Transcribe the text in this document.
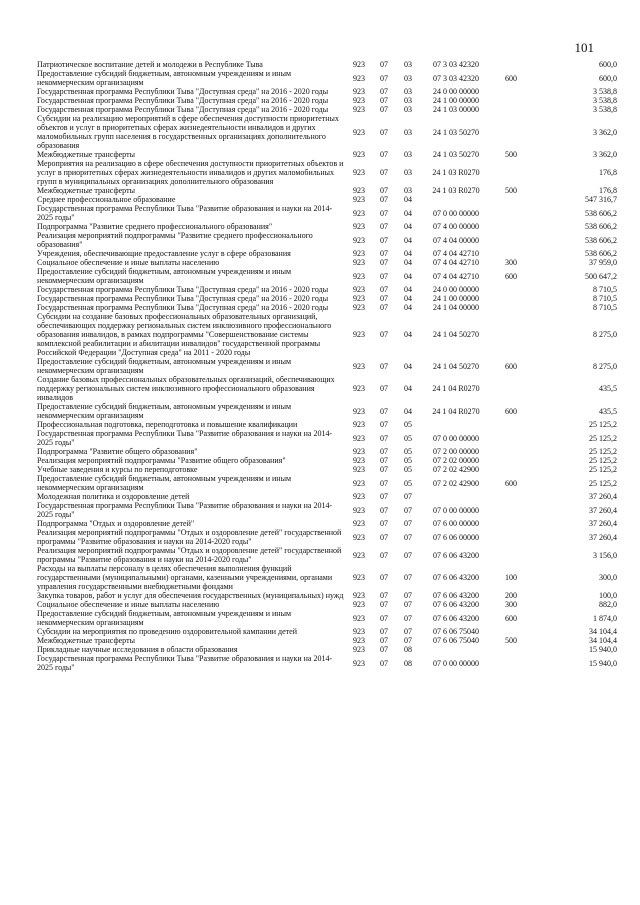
101
Патриотическое воспитание детей и молодежи в Республике Тыва	923	07	03	07 3 03 42320		600,0
Предоставление субсидий бюджетным, автономным учреждениям и иным некоммерческим организациям	923	07	03	07 3 03 42320	600	600,0
Государственная программа Республики Тыва "Доступная среда" на 2016 - 2020 годы	923	07	03	24 0 00 00000		3 538,8
Государственная программа Республики Тыва "Доступная среда" на 2016 - 2020 годы	923	07	03	24 1 00 00000		3 538,8
Государственная программа Республики Тыва "Доступная среда" на 2016 - 2020 годы	923	07	03	24 1 03 00000		3 538,8
Субсидии на реализацию мероприятий в сфере обеспечения доступности приоритетных объектов и услуг в приоритетных сферах жизнедеятельности инвалидов и других маломобильных групп населения в государственных организациях дополнительного образования	923	07	03	24 1 03 50270		3 362,0
Межбюджетные трансферты	923	07	03	24 1 03 50270	500	3 362,0
Мероприятия на реализацию в сфере обеспечения доступности приоритетных объектов и услуг в приоритетных сферах жизнедеятельности инвалидов и других маломобильных групп в муниципальных организациях дополнительного образования	923	07	03	24 1 03 R0270		176,8
Межбюджетные трансферты	923	07	03	24 1 03 R0270	500	176,8
Среднее профессиональное образование	923	07	04			547 316,7
Государственная программа Республики Тыва "Развитие образования и науки на 2014-2025 годы"	923	07	04	07 0 00 00000		538 606,2
Подпрограмма "Развитие среднего профессионального образования"	923	07	04	07 4 00 00000		538 606,2
Реализация мероприятий подпрограммы "Развитие среднего профессионального образования"	923	07	04	07 4 04 00000		538 606,2
Учреждения, обеспечивающие предоставление услуг в сфере образования	923	07	04	07 4 04 42710		538 606,2
Социальное обеспечение и иные выплаты населению	923	07	04	07 4 04 42710	300	37 959,0
Предоставление субсидий бюджетным, автономным учреждениям и иным некоммерческим организациям	923	07	04	07 4 04 42710	600	500 647,2
Государственная программа Республики Тыва "Доступная среда" на 2016 - 2020 годы	923	07	04	24 0 00 00000		8 710,5
Государственная программа Республики Тыва "Доступная среда" на 2016 - 2020 годы	923	07	04	24 1 00 00000		8 710,5
Государственная программа Республики Тыва "Доступная среда" на 2016 - 2020 годы	923	07	04	24 1 04 00000		8 710,5
Субсидии на создание базовых профессиональных образовательных организаций, обеспечивающих поддержку региональных систем инклюзивного профессионального образования инвалидов, в рамках подпрограммы "Совершенствование системы комплексной реабилитации и абилитации инвалидов" государственной программы Российской Федерации "Доступная среда" на 2011 - 2020 годы	923	07	04	24 1 04 50270		8 275,0
Предоставление субсидий бюджетным, автономным учреждениям и иным некоммерческим организациям	923	07	04	24 1 04 50270	600	8 275,0
Создание базовых профессиональных образовательных организаций, обеспечивающих поддержку региональных систем инклюзивного профессионального образования инвалидов	923	07	04	24 1 04 R0270		435,5
Предоставление субсидий бюджетным, автономным учреждениям и иным некоммерческим организациям	923	07	04	24 1 04 R0270	600	435,5
Профессиональная подготовка, переподготовка и повышение квалификации	923	07	05			25 125,2
Государственная программа Республики Тыва "Развитие образования и науки на 2014-2025 годы"	923	07	05	07 0 00 00000		25 125,2
Подпрограмма "Развитие общего образования"	923	07	05	07 2 00 00000		25 125,2
Реализация мероприятий подпрограммы "Развитие общего образования"	923	07	05	07 2 02 00000		25 125,2
Учебные заведения и курсы по переподготовке	923	07	05	07 2 02 42900		25 125,2
Предоставление субсидий бюджетным, автономным учреждениям и иным некоммерческим организациям	923	07	05	07 2 02 42900	600	25 125,2
Молодежная политика и оздоровление детей	923	07	07			37 260,4
Государственная программа Республики Тыва "Развитие образования и науки на 2014-2025 годы"	923	07	07	07 0 00 00000		37 260,4
Подпрограмма "Отдых и оздоровление детей"	923	07	07	07 6 00 00000		37 260,4
Реализация мероприятий подпрограммы "Отдых и оздоровление детей" государственной программы "Развитие образования и науки на 2014-2020 годы"	923	07	07	07 6 06 00000		37 260,4
Реализация мероприятий подпрограммы "Отдых и оздоровление детей" государственной программы "Развитие образования и науки на 2014-2020 годы"	923	07	07	07 6 06 43200		3 156,0
Расходы на выплаты персоналу в целях обеспечения выполнения функций государственными (муниципальными) органами, казенными учреждениями, органами управления государственными внебюджетными фондами	923	07	07	07 6 06 43200	100	300,0
Закупка товаров, работ и услуг для обеспечения государственных (муниципальных) нужд	923	07	07	07 6 06 43200	200	100,0
Социальное обеспечение и иные выплаты населению	923	07	07	07 6 06 43200	300	882,0
Предоставление субсидий бюджетным, автономным учреждениям и иным некоммерческим организациям	923	07	07	07 6 06 43200	600	1 874,0
Субсидии на мероприятия по проведению оздоровительной кампании детей	923	07	07	07 6 06 75040		34 104,4
Межбюджетные трансферты	923	07	07	07 6 06 75040	500	34 104,4
Прикладные научные исследования в области образования	923	07	08			15 940,0
Государственная программа Республики Тыва "Развитие образования и науки на 2014-2025 годы"	923	07	08	07 0 00 00000		15 940,0
